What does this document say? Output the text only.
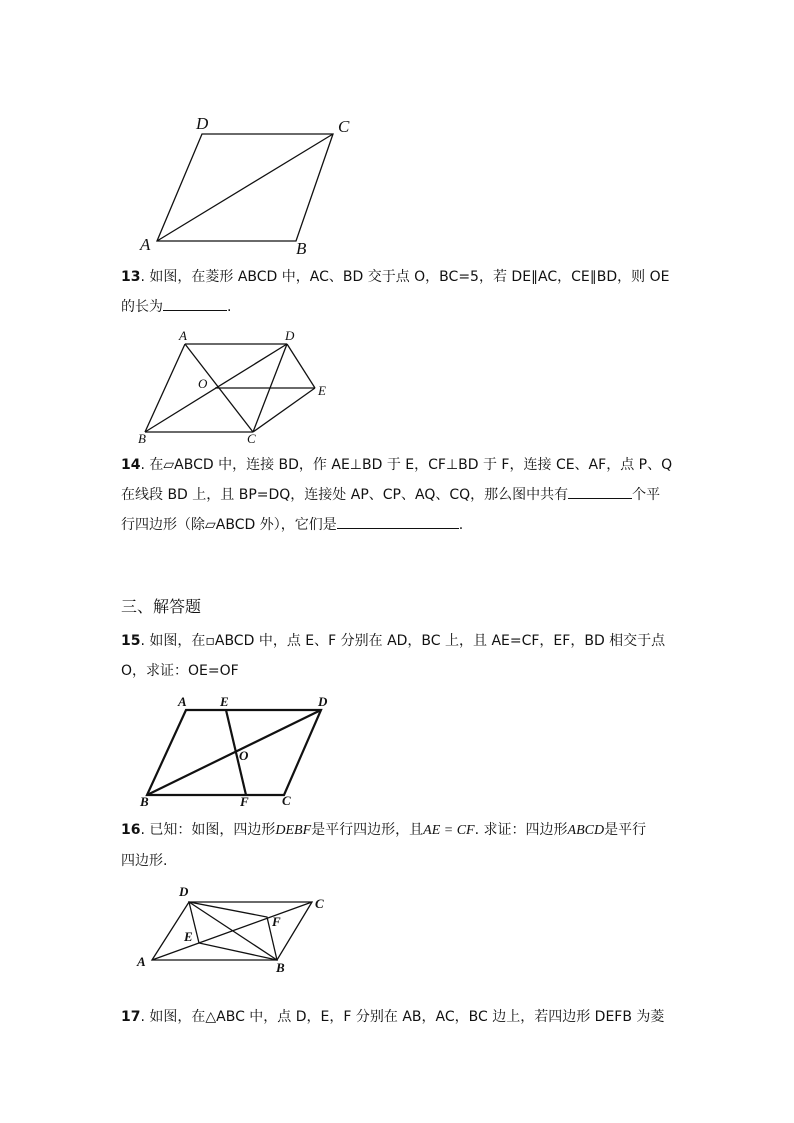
D	C
A	B
13. 如图，在菱形 ABCD 中，AC、BD 交于点 O，BC=5，若 DE∥AC，CE∥BD，则 OE
的长为	.
A	D
O	E
B	C
14. 在▱ABCD 中，连接 BD，作 AE⊥BD 于 E，CF⊥BD 于 F，连接 CE、AF，点 P、Q
在线段 BD 上，且 BP=DQ，连接处 AP、CP、AQ、CQ，那么图中共有	个平
行四边形（除▱ABCD 外），它们是	.
三、解答题
15. 如图，在▫ABCD 中，点 E、F 分别在 AD，BC 上，且 AE=CF，EF，BD 相交于点
O，求证：OE=OF
A	E	D
O
B	F	C
16. 已知：如图，四边形DEBF是平行四边形，且AE = CF. 求证：四边形ABCD是平行
四边形.
D
C
F
E
A	B
17. 如图，在△ABC 中，点 D，E，F 分别在 AB，AC，BC 边上，若四边形 DEFB 为菱
